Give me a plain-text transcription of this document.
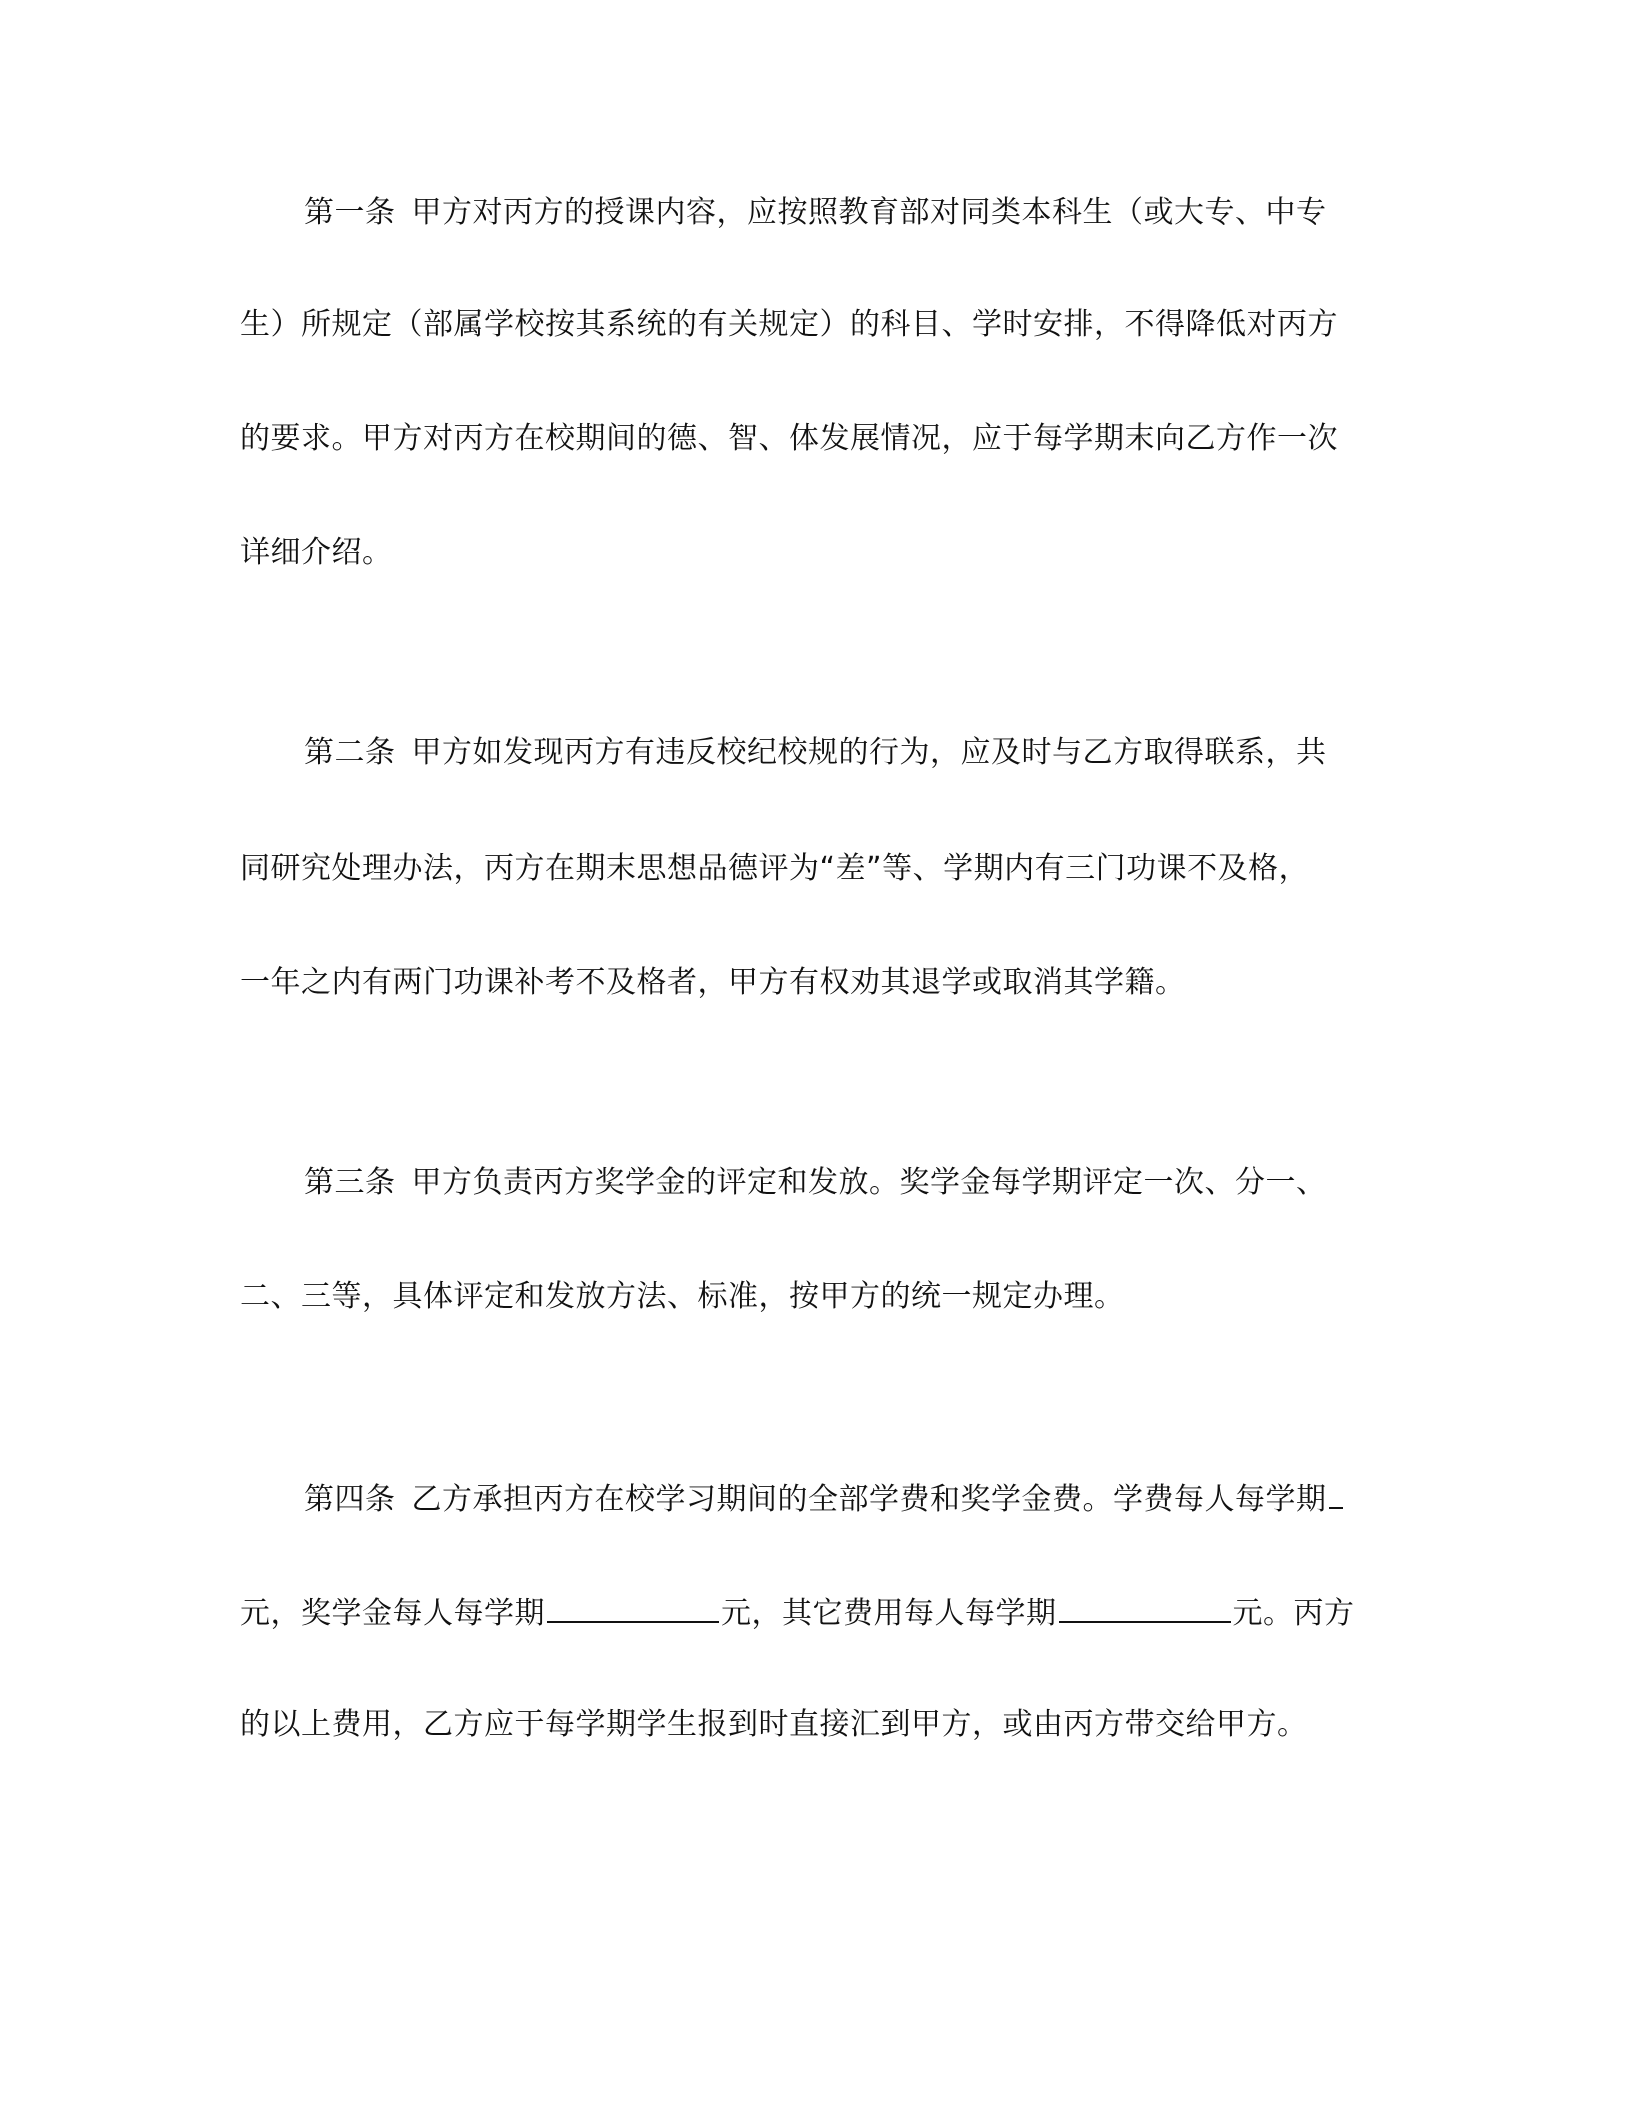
第一条 甲方对丙方的授课内容，应按照教育部对同类本科生（或大专、中专
生）所规定（部属学校按其系统的有关规定）的科目、学时安排，不得降低对丙方
的要求。甲方对丙方在校期间的德、智、体发展情况，应于每学期末向乙方作一次
详细介绍。
第二条 甲方如发现丙方有违反校纪校规的行为，应及时与乙方取得联系，共
同研究处理办法，丙方在期末思想品德评为“差”等、学期内有三门功课不及格，
一年之内有两门功课补考不及格者，甲方有权劝其退学或取消其学籍。
第三条 甲方负责丙方奖学金的评定和发放。奖学金每学期评定一次、分一、
二、三等，具体评定和发放方法、标准，按甲方的统一规定办理。
第四条 乙方承担丙方在校学习期间的全部学费和奖学金费。学费每人每学期
元，奖学金每人每学期	元，其它费用每人每学期	元。丙方
的以上费用，乙方应于每学期学生报到时直接汇到甲方，或由丙方带交给甲方。
